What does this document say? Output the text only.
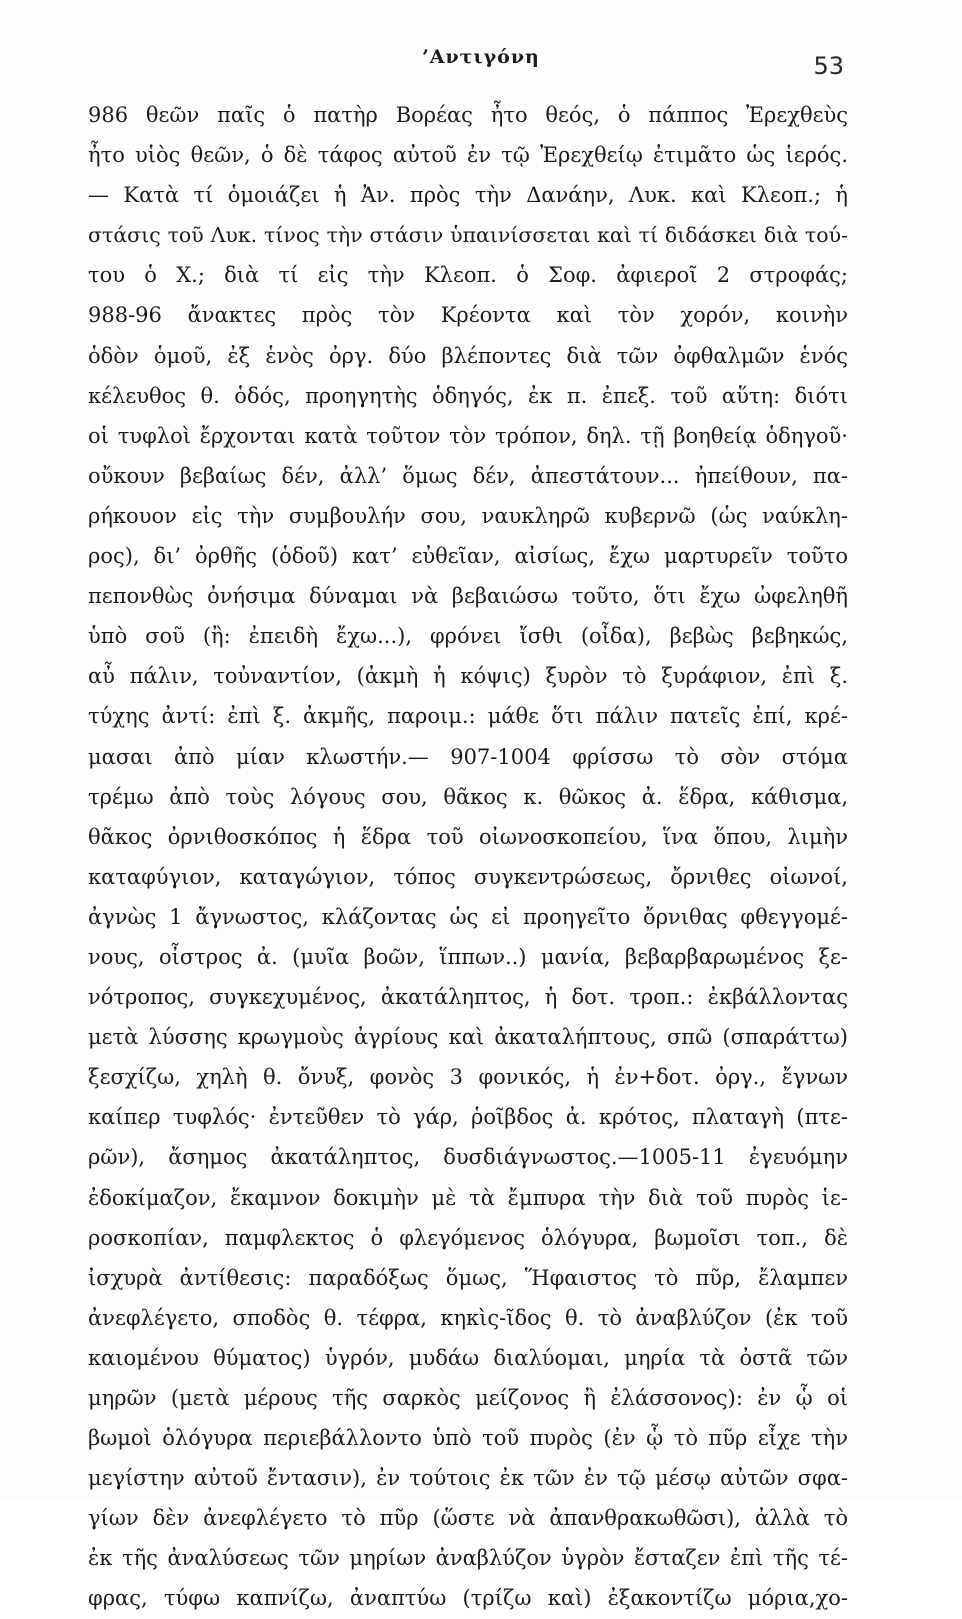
’Αντιγόνη	53
986 θεῶν παῖς ὁ πατὴρ Βορέας ἦτο θεός, ὁ πάππος Ἐρεχθεὺς
ἦτο υἱὸς θεῶν, ὁ δὲ τάφος αὐτοῦ ἐν τῷ Ἐρεχθείῳ ἐτιμᾶτο ὡς ἱερός.
— Κατὰ τί ὁμοιάζει ἡ Ἀν. πρὸς τὴν Δανάην, Λυκ. καὶ Κλεοπ.; ἡ
στάσις τοῦ Λυκ. τίνος τὴν στάσιν ὑπαινίσσεται καὶ τί διδάσκει διὰ τού-
του ὁ Χ.; διὰ τί εἰς τὴν Κλεοπ. ὁ Σοφ. ἀφιεροῖ 2 στροφάς;
988-96 ἄνακτες πρὸς τὸν Κρέοντα καὶ τὸν χορόν, κοινὴν
ὁδὸν ὁμοῦ, ἐξ ἑνὸς ὀργ. δύο βλέποντες διὰ τῶν ὀφθαλμῶν ἑνός
κέλευθος θ. ὁδός, προηγητὴς ὁδηγός, ἐκ π. ἐπεξ. τοῦ αὕτη: διότι
οἱ τυφλοὶ ἔρχονται κατὰ τοῦτον τὸν τρόπον, δηλ. τῇ βοηθείᾳ ὁδηγοῦ·
οὔκουν βεβαίως δέν, ἀλλ’ ὅμως δέν, ἀπεστάτουν... ἠπείθουν, πα-
ρήκουον εἰς τὴν συμβουλήν σου, ναυκληρῶ κυβερνῶ (ὡς ναύκλη-
ρος), δι’ ὀρθῆς (ὁδοῦ) κατ’ εὐθεῖαν, αἰσίως, ἔχω μαρτυρεῖν τοῦτο
πεπονθὼς ὀνήσιμα δύναμαι νὰ βεβαιώσω τοῦτο, ὅτι ἔχω ὠφεληθῆ
ὑπὸ σοῦ (ἢ: ἐπειδὴ ἔχω...), φρόνει ἴσθι (οἶδα), βεβὼς βεβηκώς,
αὖ πάλιν, τοὐναντίον, (ἀκμὴ ἡ κόψις) ξυρὸν τὸ ξυράφιον, ἐπὶ ξ.
τύχης ἀντί: ἐπὶ ξ. ἀκμῆς, παροιμ.: μάθε ὅτι πάλιν πατεῖς ἐπί, κρέ-
μασαι ἀπὸ μίαν κλωστήν.— 907-1004 φρίσσω τὸ σὸν στόμα
τρέμω ἀπὸ τοὺς λόγους σου, θᾶκος κ. θῶκος ἀ. ἕδρα, κάθισμα,
θᾶκος ὀρνιθοσκόπος ἡ ἕδρα τοῦ οἰωνοσκοπείου, ἵνα ὅπου, λιμὴν
καταφύγιον, καταγώγιον, τόπος συγκεντρώσεως, ὄρνιθες οἰωνοί,
ἀγνὼς 1 ἄγνωστος, κλάζοντας ὡς εἰ προηγεῖτο ὄρνιθας φθεγγομέ-
νους, οἶστρος ἀ. (μυῖα βοῶν, ἵππων..) μανία, βεβαρβαρωμένος ξε-
νότροπος, συγκεχυμένος, ἀκατάληπτος, ἡ δοτ. τροπ.: ἐκβάλλοντας
μετὰ λύσσης κρωγμοὺς ἀγρίους καὶ ἀκαταλήπτους, σπῶ (σπαράττω)
ξεσχίζω, χηλὴ θ. ὄνυξ, φονὸς 3 φονικός, ἡ ἐν+δοτ. ὀργ., ἔγνων
καίπερ τυφλός· ἐντεῦθεν τὸ γάρ, ῥοῖβδος ἀ. κρότος, πλαταγὴ (πτε-
ρῶν), ἄσημος ἀκατάληπτος, δυσδιάγνωστος.—1005-11 ἐγευόμην
ἐδοκίμαζον, ἔκαμνον δοκιμὴν μὲ τὰ ἔμπυρα τὴν διὰ τοῦ πυρὸς ἱε-
ροσκοπίαν, παμφλεκτος ὁ φλεγόμενος ὁλόγυρα, βωμοῖσι τοπ., δὲ
ἰσχυρὰ ἀντίθεσις: παραδόξως ὅμως, Ἥφαιστος τὸ πῦρ, ἔλαμπεν
ἀνεφλέγετο, σποδὸς θ. τέφρα, κηκὶς-ῖδος θ. τὸ ἀναβλύζον (ἐκ τοῦ
καιομένου θύματος) ὑγρόν, μυδάω διαλύομαι, μηρία τὰ ὀστᾶ τῶν
μηρῶν (μετὰ μέρους τῆς σαρκὸς μείζονος ἢ ἐλάσσονος): ἐν ᾧ οἱ
βωμοὶ ὁλόγυρα περιεβάλλοντο ὑπὸ τοῦ πυρὸς (ἐν ᾧ τὸ πῦρ εἶχε τὴν
μεγίστην αὐτοῦ ἔντασιν), ἐν τούτοις ἐκ τῶν ἐν τῷ μέσῳ αὐτῶν σφα-
γίων δὲν ἀνεφλέγετο τὸ πῦρ (ὥστε νὰ ἀπανθρακωθῶσι), ἀλλὰ τὸ
ἐκ τῆς ἀναλύσεως τῶν μηρίων ἀναβλύζον ὑγρὸν ἔσταζεν ἐπὶ τῆς τέ-
φρας, τύφω καπνίζω, ἀναπτύω (τρίζω καὶ) ἐξακοντίζω μόρια,χο-
